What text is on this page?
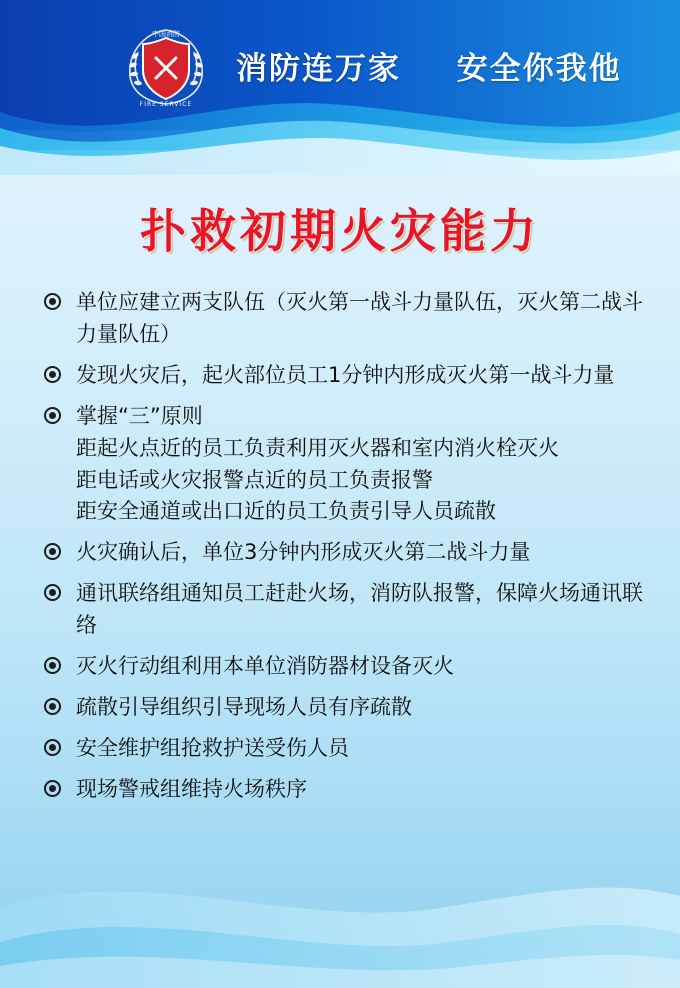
中国消防
FIRE SERVICE
消防连万家 安全你我他
扑救初期火灾能力
单位应建立两支队伍（灭火第一战斗力量队伍，灭火第二战斗力量队伍）
发现火灾后，起火部位员工1分钟内形成灭火第一战斗力量
掌握“三”原则
距起火点近的员工负责利用灭火器和室内消火栓灭火
距电话或火灾报警点近的员工负责报警
距安全通道或出口近的员工负责引导人员疏散
火灾确认后，单位3分钟内形成灭火第二战斗力量
通讯联络组通知员工赶赴火场，消防队报警，保障火场通讯联络
灭火行动组利用本单位消防器材设备灭火
疏散引导组织引导现场人员有序疏散
安全维护组抢救护送受伤人员
现场警戒组维持火场秩序
